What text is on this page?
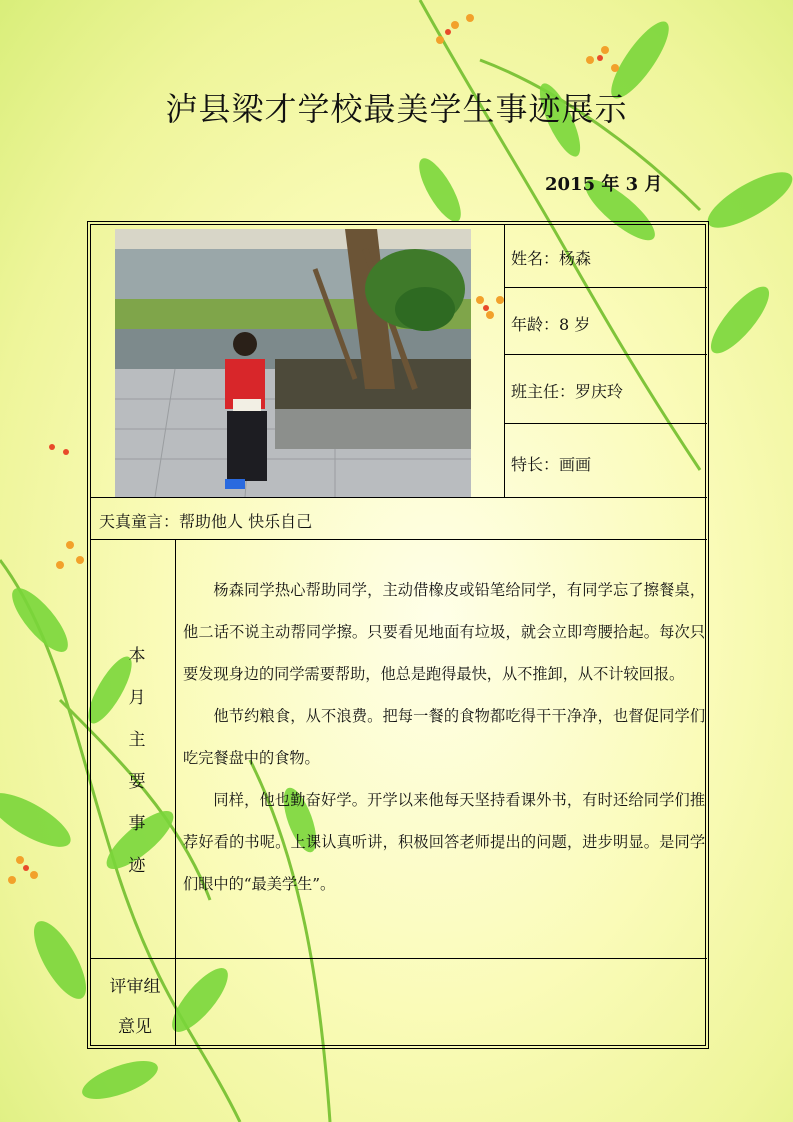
泸县梁才学校最美学生事迹展示
2015 年 3 月
姓名：杨森
年龄：8 岁
班主任：罗庆玲
特长：画画
天真童言：帮助他人 快乐自己
本
月
主
要
事
迹

杨森同学热心帮助同学，主动借橡皮或铅笔给同学，有同学忘了擦餐桌，他二话不说主动帮同学擦。只要看见地面有垃圾，就会立即弯腰拾起。每次只要发现身边的同学需要帮助，他总是跑得最快，从不推卸，从不计较回报。

他节约粮食，从不浪费。把每一餐的食物都吃得干干净净，也督促同学们吃完餐盘中的食物。

同样，他也勤奋好学。开学以来他每天坚持看课外书，有时还给同学们推荐好看的书呢。上课认真听讲，积极回答老师提出的问题，进步明显。是同学们眼中的“最美学生”。

评审组
意见
